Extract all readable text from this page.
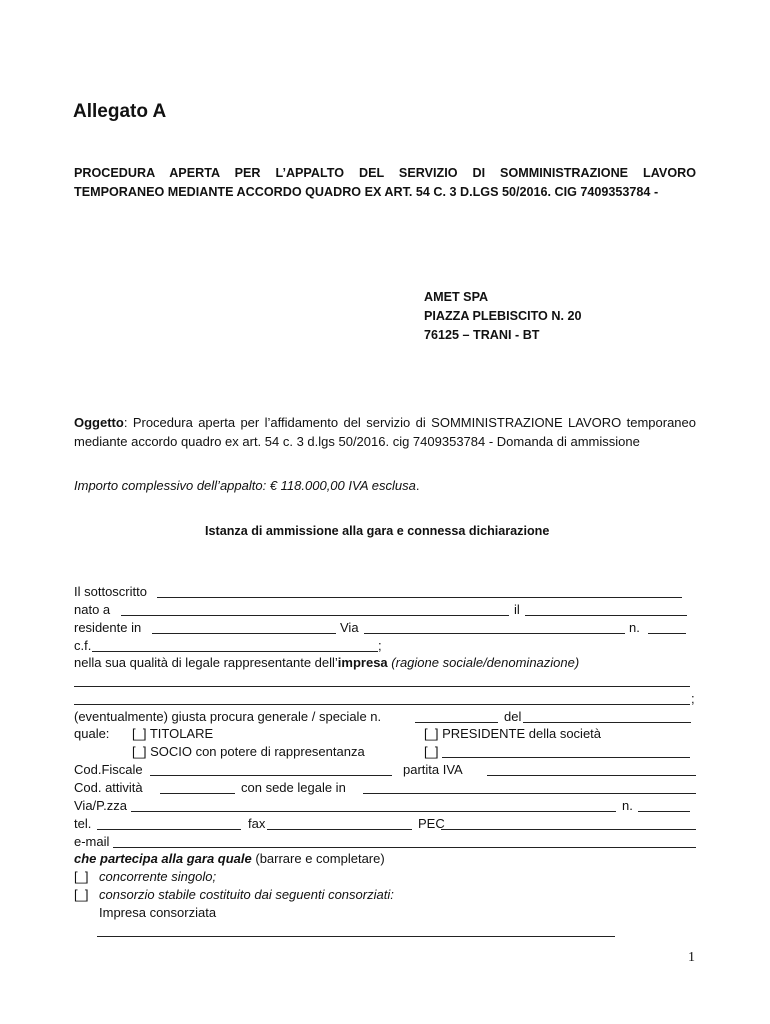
Allegato A
PROCEDURA APERTA PER L’APPALTO DEL SERVIZIO DI SOMMINISTRAZIONE LAVORO
TEMPORANEO MEDIANTE ACCORDO QUADRO EX ART. 54 C. 3 D.LGS 50/2016. CIG 7409353784 -
AMET SPA
PIAZZA PLEBISCITO N. 20
76125 – TRANI - BT
Oggetto: Procedura aperta per l’affidamento del servizio di SOMMINISTRAZIONE LAVORO temporaneo mediante accordo quadro ex art. 54 c. 3 d.lgs 50/2016. cig 7409353784 - Domanda di ammissione
Importo complessivo dell’appalto: € 118.000,00 IVA esclusa.
Istanza di ammissione alla gara e connessa dichiarazione
Il sottoscritto
nato a	il
residente in	Via	n.
c.f.	;
nella sua qualità di legale rappresentante dell’impresa (ragione sociale/denominazione)
;
(eventualmente) giusta procura generale / speciale n.	del
quale: [_] TITOLARE	[_] PRESIDENTE della società
[_] SOCIO con potere di rappresentanza	[_]
Cod.Fiscale	partita IVA
Cod. attività	con sede legale in
Via/P.zza	n.
tel.	fax	PEC
e-mail
che partecipa alla gara quale (barrare e completare)
[_] concorrente singolo;
[_] consorzio stabile costituito dai seguenti consorziati:
Impresa consorziata
1
